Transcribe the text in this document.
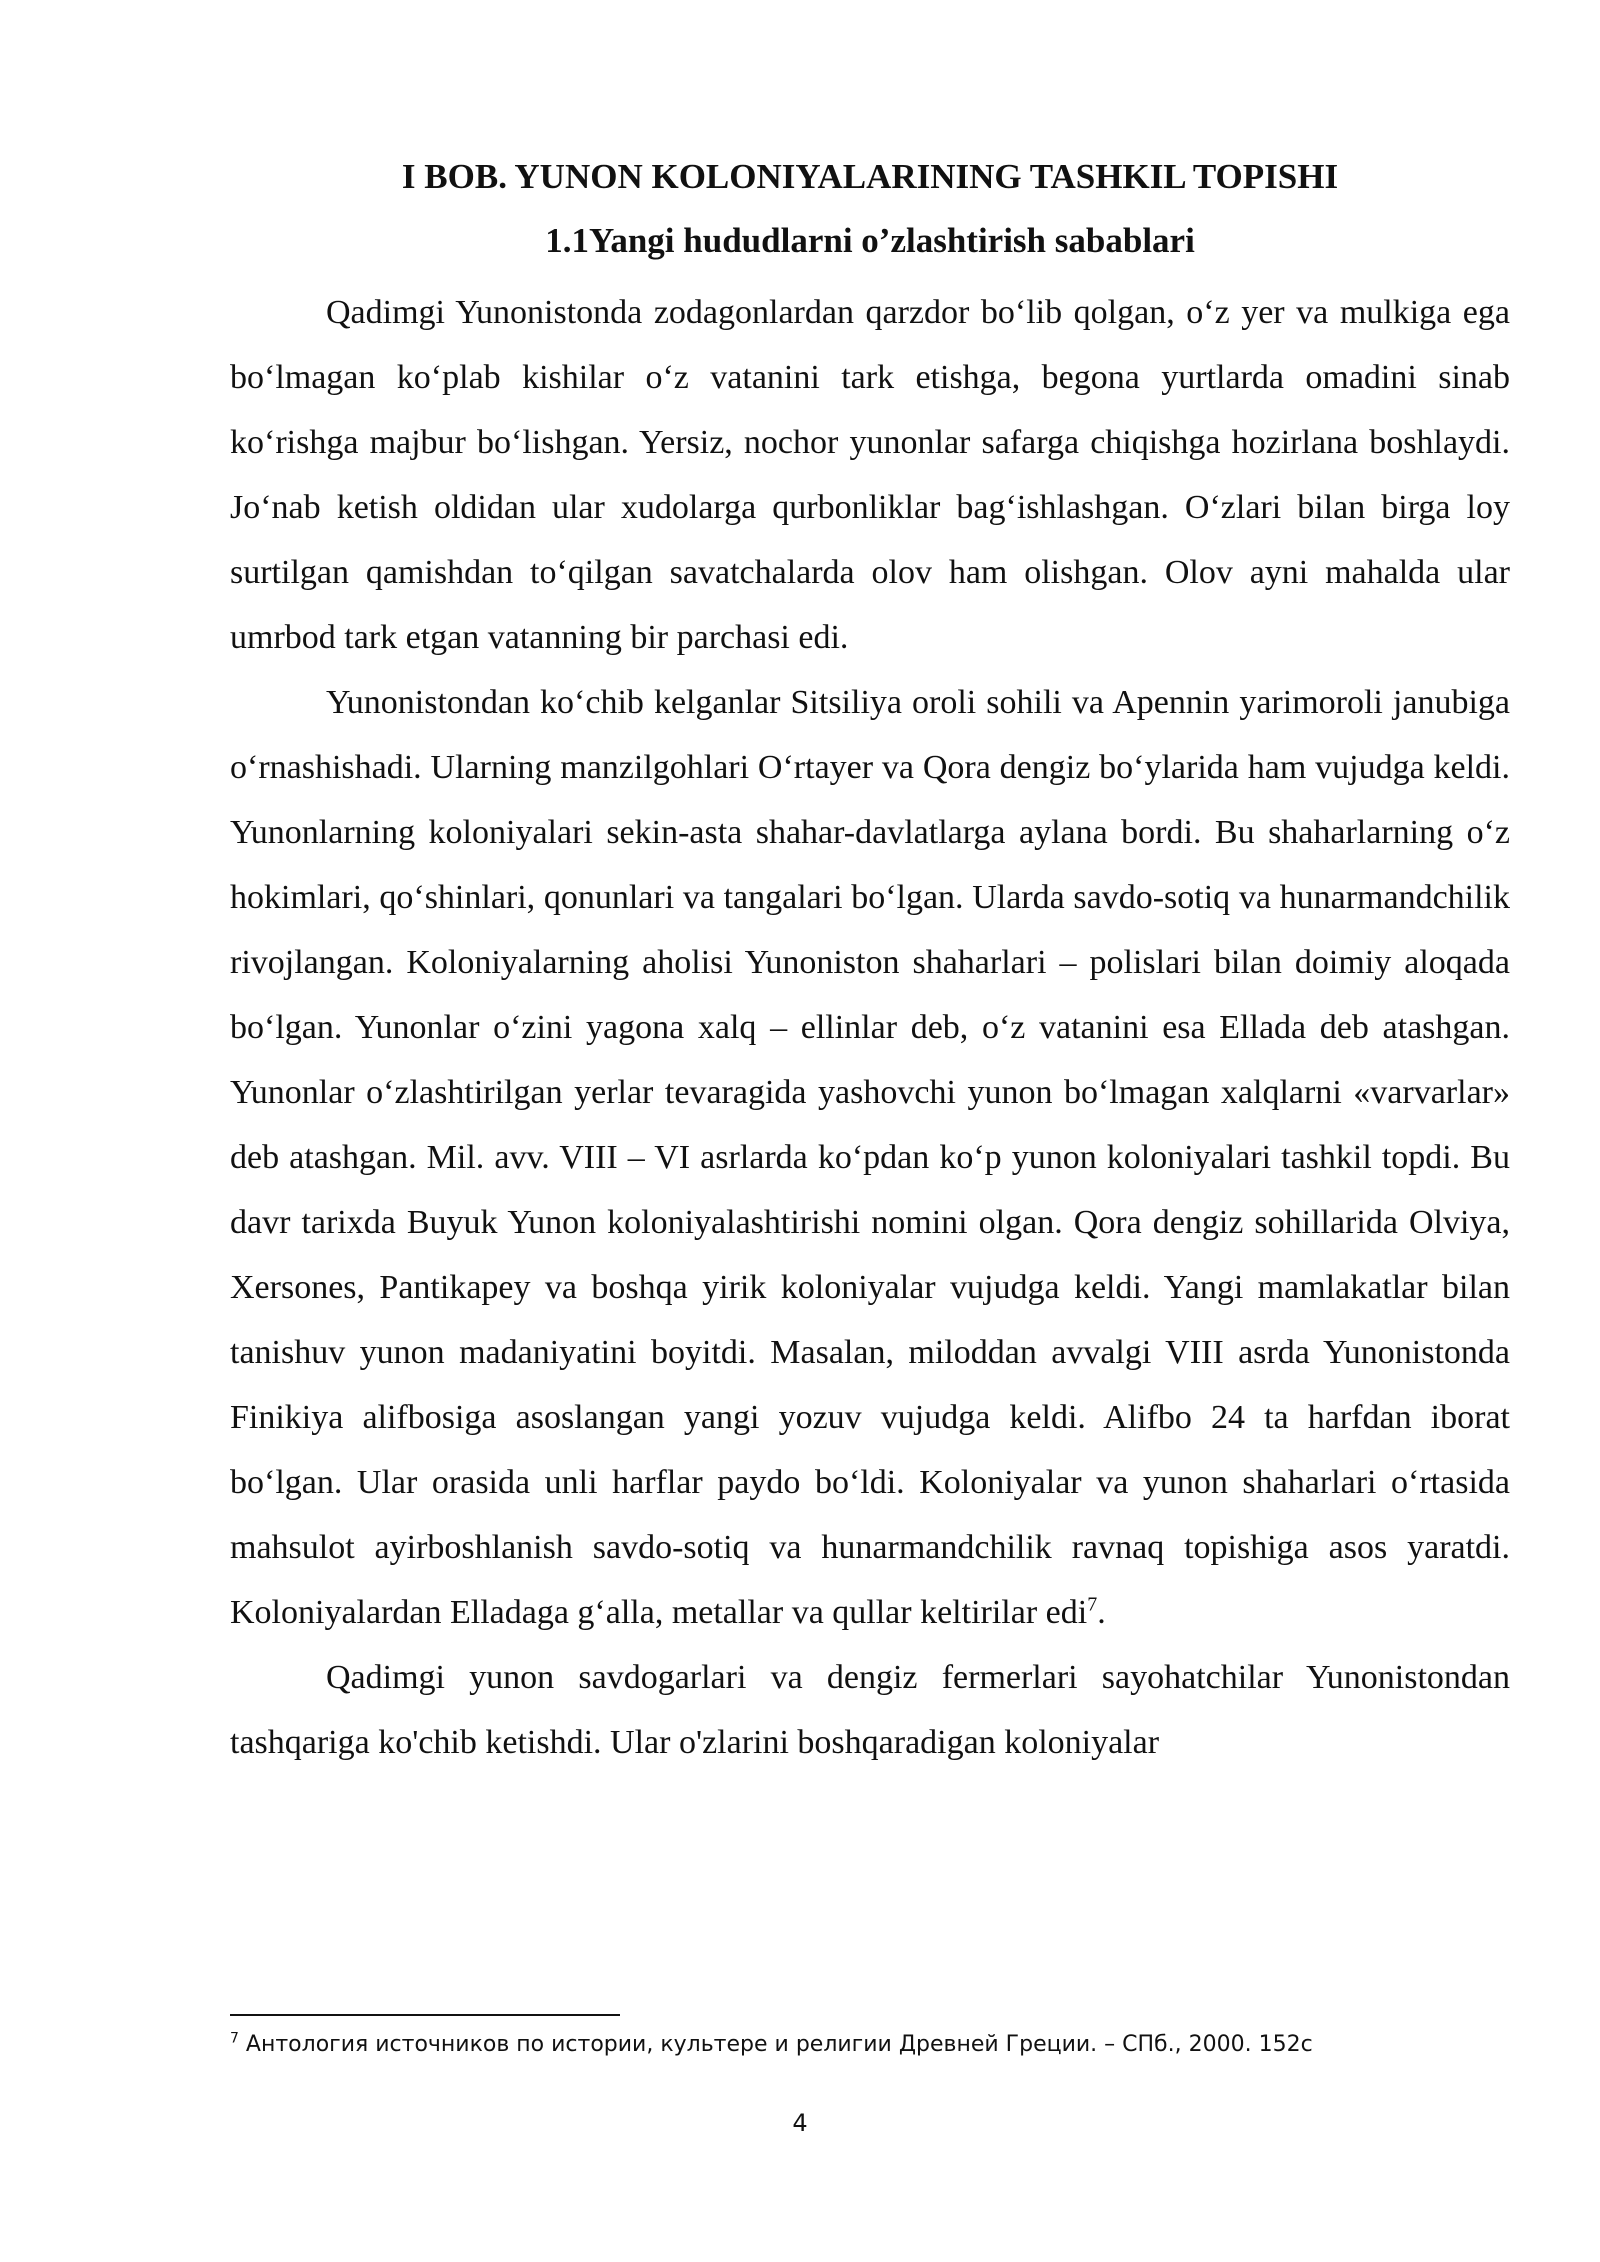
I BOB. YUNON KOLONIYALARINING TASHKIL TOPISHI
1.1Yangi hududlarni o’zlashtirish sabablari

Qadimgi Yunonistonda zodagonlardan qarzdor bo‘lib qolgan, o‘z yer va mulkiga ega bo‘lmagan ko‘plab kishilar o‘z vatanini tark etishga, begona yurtlarda omadini sinab ko‘rishga majbur bo‘lishgan. Yersiz, nochor yunonlar safarga chiqishga hozirlana boshlaydi. Jo‘nab ketish oldidan ular xudolarga qurbonliklar bag‘ishlashgan. O‘zlari bilan birga loy surtilgan qamishdan to‘qilgan savatchalarda olov ham olishgan. Olov ayni mahalda ular umrbod tark etgan vatanning bir parchasi edi.

Yunonistondan ko‘chib kelganlar Sitsiliya oroli sohili va Apennin yarimoroli janubiga o‘rnashishadi. Ularning manzilgohlari O‘rtayer va Qora dengiz bo‘ylarida ham vujudga keldi. Yunonlarning koloniyalari sekin-asta shahar-davlatlarga aylana bordi. Bu shaharlarning o‘z hokimlari, qo‘shinlari, qonunlari va tangalari bo‘lgan. Ularda savdo-sotiq va hunarmandchilik rivojlangan. Koloniyalarning aholisi Yunoniston shaharlari – polislari bilan doimiy aloqada bo‘lgan. Yunonlar o‘zini yagona xalq – ellinlar deb, o‘z vatanini esa Ellada deb atashgan. Yunonlar o‘zlashtirilgan yerlar tevaragida yashovchi yunon bo‘lmagan xalqlarni «varvarlar» deb atashgan. Mil. avv. VIII – VI asrlarda ko‘pdan ko‘p yunon koloniyalari tashkil topdi. Bu davr tarixda Buyuk Yunon koloniyalashtirishi nomini olgan. Qora dengiz sohillarida Olviya, Xersones, Pantikapey va boshqa yirik koloniyalar vujudga keldi. Yangi mamlakatlar bilan tanishuv yunon madaniyatini boyitdi. Masalan, miloddan avvalgi VIII asrda Yunonistonda Finikiya alifbosiga asoslangan yangi yozuv vujudga keldi. Alifbo 24 ta harfdan iborat bo‘lgan. Ular orasida unli harflar paydo bo‘ldi. Koloniyalar va yunon shaharlari o‘rtasida mahsulot ayirboshlanish savdo-sotiq va hunarmandchilik ravnaq topishiga asos yaratdi. Koloniyalardan Elladaga g‘alla, metallar va qullar keltirilar edi$^7$.

Qadimgi yunon savdogarlari va dengiz fermerlari sayohatchilar Yunonistondan tashqariga ko'chib ketishdi. Ular o'zlarini boshqaradigan koloniyalar

$^7$ Антология источников по истории, культере и религии Древней Греции. – СПб., 2000. 152с
4
